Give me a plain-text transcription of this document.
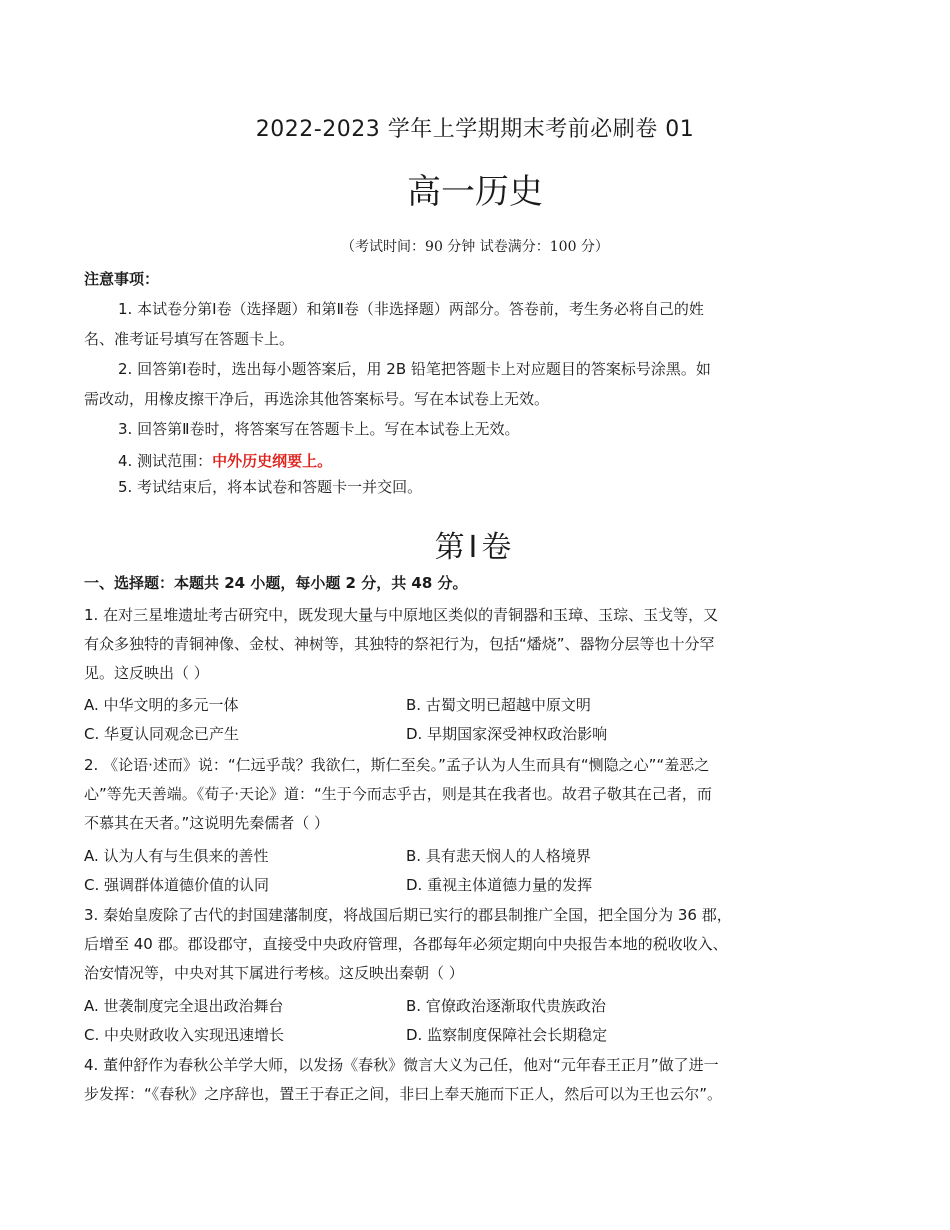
2022-2023 学年上学期期末考前必刷卷 01
高一历史
（考试时间：90 分钟 试卷满分：100 分）
注意事项：
1. 本试卷分第Ⅰ卷（选择题）和第Ⅱ卷（非选择题）两部分。答卷前，考生务必将自己的姓
名、准考证号填写在答题卡上。
2. 回答第Ⅰ卷时，选出每小题答案后，用 2B 铅笔把答题卡上对应题目的答案标号涂黑。如
需改动，用橡皮擦干净后，再选涂其他答案标号。写在本试卷上无效。
3. 回答第Ⅱ卷时，将答案写在答题卡上。写在本试卷上无效。
4. 测试范围：中外历史纲要上。
5. 考试结束后，将本试卷和答题卡一并交回。
第Ⅰ卷
一、选择题：本题共 24 小题，每小题 2 分，共 48 分。
1. 在对三星堆遗址考古研究中，既发现大量与中原地区类似的青铜器和玉璋、玉琮、玉戈等，又
有众多独特的青铜神像、金杖、神树等，其独特的祭祀行为，包括“燔烧”、器物分层等也十分罕
见。这反映出（ ）
A. 中华文明的多元一体	B. 古蜀文明已超越中原文明
C. 华夏认同观念已产生	D. 早期国家深受神权政治影响
2. 《论语·述而》说：“仁远乎哉？我欲仁，斯仁至矣。”孟子认为人生而具有“恻隐之心”“羞恶之
心”等先天善端。《荀子·天论》道：“生于今而志乎古，则是其在我者也。故君子敬其在己者，而
不慕其在天者。”这说明先秦儒者（ ）
A. 认为人有与生俱来的善性	B. 具有悲天悯人的人格境界
C. 强调群体道德价值的认同	D. 重视主体道德力量的发挥
3. 秦始皇废除了古代的封国建藩制度，将战国后期已实行的郡县制推广全国，把全国分为 36 郡，
后增至 40 郡。郡设郡守，直接受中央政府管理，各郡每年必须定期向中央报告本地的税收收入、
治安情况等，中央对其下属进行考核。这反映出秦朝（ ）
A. 世袭制度完全退出政治舞台	B. 官僚政治逐渐取代贵族政治
C. 中央财政收入实现迅速增长	D. 监察制度保障社会长期稳定
4. 董仲舒作为春秋公羊学大师，以发扬《春秋》微言大义为己任，他对“元年春王正月”做了进一
步发挥：“《春秋》之序辞也，置王于春正之间，非曰上奉天施而下正人，然后可以为王也云尔”。
